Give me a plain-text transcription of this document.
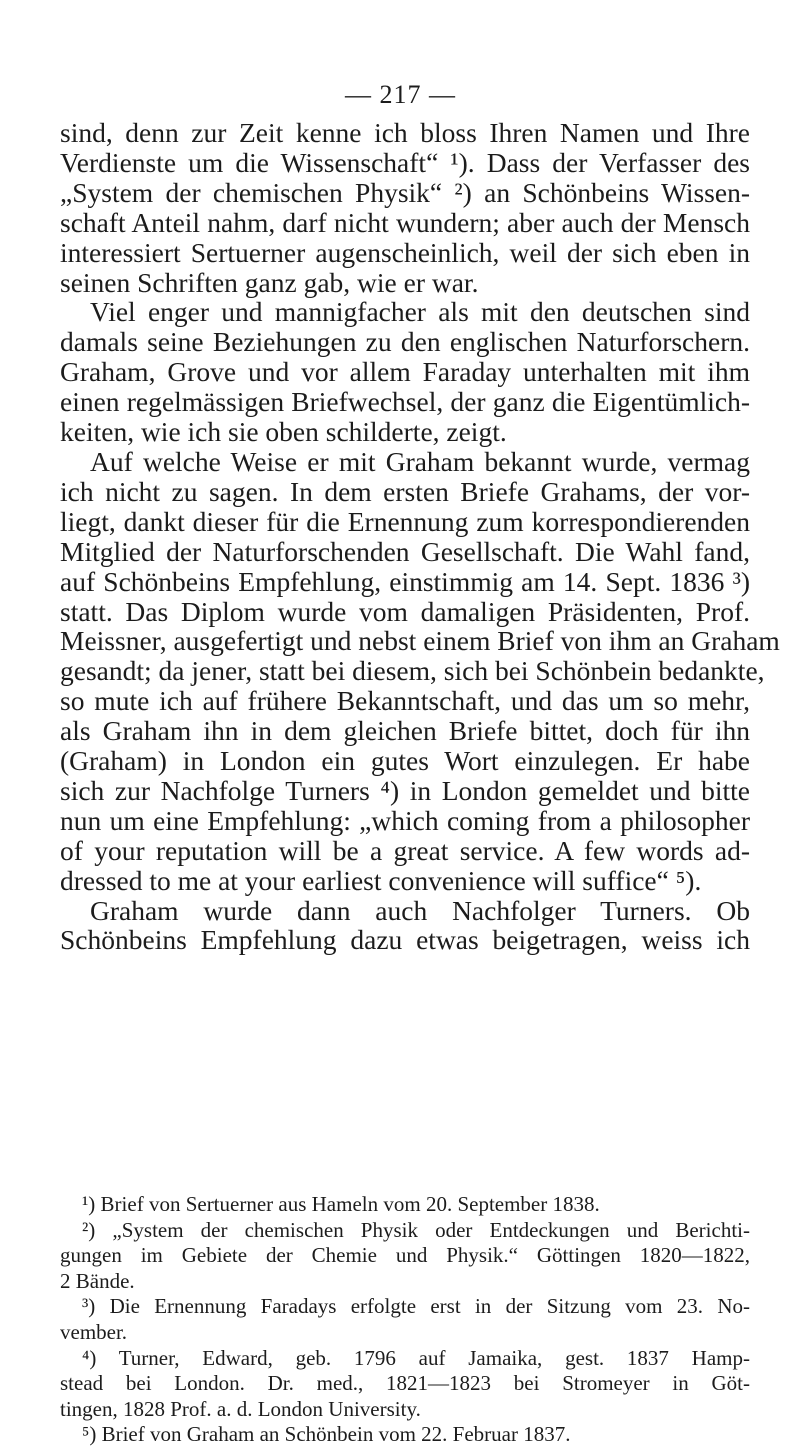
— 217 —
sind, denn zur Zeit kenne ich bloss Ihren Namen und Ihre
Verdienste um die Wissenschaft“ ¹). Dass der Verfasser des
„System der chemischen Physik“ ²) an Schönbeins Wissen-
schaft Anteil nahm, darf nicht wundern; aber auch der Mensch
interessiert Sertuerner augenscheinlich, weil der sich eben in
seinen Schriften ganz gab, wie er war.
Viel enger und mannigfacher als mit den deutschen sind
damals seine Beziehungen zu den englischen Naturforschern.
Graham, Grove und vor allem Faraday unterhalten mit ihm
einen regelmässigen Briefwechsel, der ganz die Eigentümlich-
keiten, wie ich sie oben schilderte, zeigt.
Auf welche Weise er mit Graham bekannt wurde, vermag
ich nicht zu sagen. In dem ersten Briefe Grahams, der vor-
liegt, dankt dieser für die Ernennung zum korrespondierenden
Mitglied der Naturforschenden Gesellschaft. Die Wahl fand,
auf Schönbeins Empfehlung, einstimmig am 14. Sept. 1836 ³)
statt. Das Diplom wurde vom damaligen Präsidenten, Prof.
Meissner, ausgefertigt und nebst einem Brief von ihm an Graham
gesandt; da jener, statt bei diesem, sich bei Schönbein bedankte,
so mute ich auf frühere Bekanntschaft, und das um so mehr,
als Graham ihn in dem gleichen Briefe bittet, doch für ihn
(Graham) in London ein gutes Wort einzulegen. Er habe
sich zur Nachfolge Turners ⁴) in London gemeldet und bitte
nun um eine Empfehlung: „which coming from a philosopher
of your reputation will be a great service. A few words ad-
dressed to me at your earliest convenience will suffice“ ⁵).
Graham wurde dann auch Nachfolger Turners. Ob
Schönbeins Empfehlung dazu etwas beigetragen, weiss ich
¹) Brief von Sertuerner aus Hameln vom 20. September 1838.
²) „System der chemischen Physik oder Entdeckungen und Berichti-
gungen im Gebiete der Chemie und Physik.“ Göttingen 1820—1822,
2 Bände.
³) Die Ernennung Faradays erfolgte erst in der Sitzung vom 23. No-
vember.
⁴) Turner, Edward, geb. 1796 auf Jamaika, gest. 1837 Hamp-
stead bei London. Dr. med., 1821—1823 bei Stromeyer in Göt-
tingen, 1828 Prof. a. d. London University.
⁵) Brief von Graham an Schönbein vom 22. Februar 1837.
